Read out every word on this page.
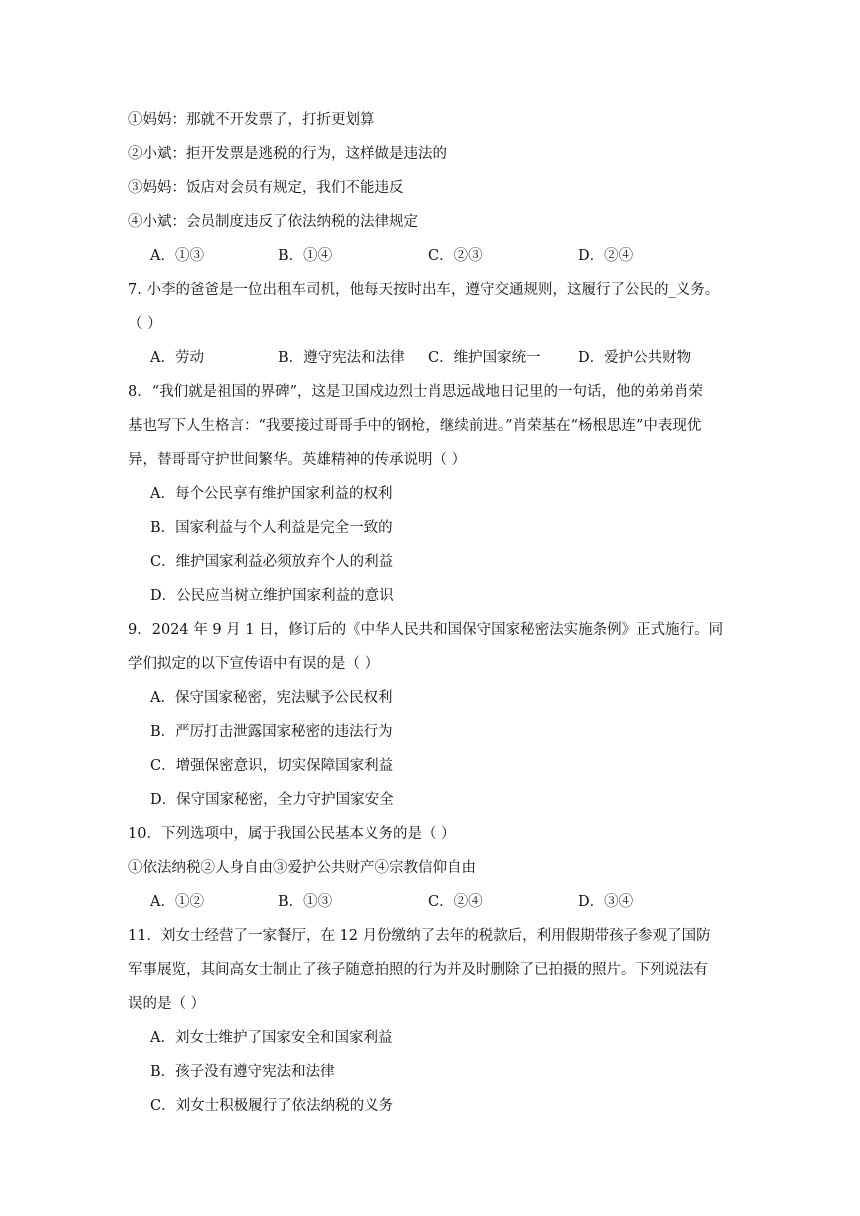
①妈妈：那就不开发票了，打折更划算
②小斌：拒开发票是逃税的行为，这样做是违法的
③妈妈：饭店对会员有规定，我们不能违反
④小斌：会员制度违反了依法纳税的法律规定
A．①③	B．①④	C．②③	D．②④
7. 小李的爸爸是一位出租车司机，他每天按时出车，遵守交通规则，这履行了公民的_义务。
（ ）
A．劳动	B．遵守宪法和法律 C．维护国家统一	D．爱护公共财物
8．“我们就是祖国的界碑”，这是卫国戍边烈士肖思远战地日记里的一句话，他的弟弟肖荣
基也写下人生格言：“我要接过哥哥手中的钢枪，继续前进。”肖荣基在“杨根思连”中表现优
异，替哥哥守护世间繁华。英雄精神的传承说明（ ）
A．每个公民享有维护国家利益的权利
B．国家利益与个人利益是完全一致的
C．维护国家利益必须放弃个人的利益
D．公民应当树立维护国家利益的意识
9．2024 年 9 月 1 日，修订后的《中华人民共和国保守国家秘密法实施条例》正式施行。同
学们拟定的以下宣传语中有误的是（ ）
A．保守国家秘密，宪法赋予公民权利
B．严厉打击泄露国家秘密的违法行为
C．增强保密意识，切实保障国家利益
D．保守国家秘密，全力守护国家安全
10．下列选项中，属于我国公民基本义务的是（ ）
①依法纳税②人身自由③爱护公共财产④宗教信仰自由
A．①②	B．①③	C．②④	D．③④
11．刘女士经营了一家餐厅，在 12 月份缴纳了去年的税款后，利用假期带孩子参观了国防
军事展览，其间高女士制止了孩子随意拍照的行为并及时删除了已拍摄的照片。下列说法有
误的是（ ）
A．刘女士维护了国家安全和国家利益
B．孩子没有遵守宪法和法律
C．刘女士积极履行了依法纳税的义务
